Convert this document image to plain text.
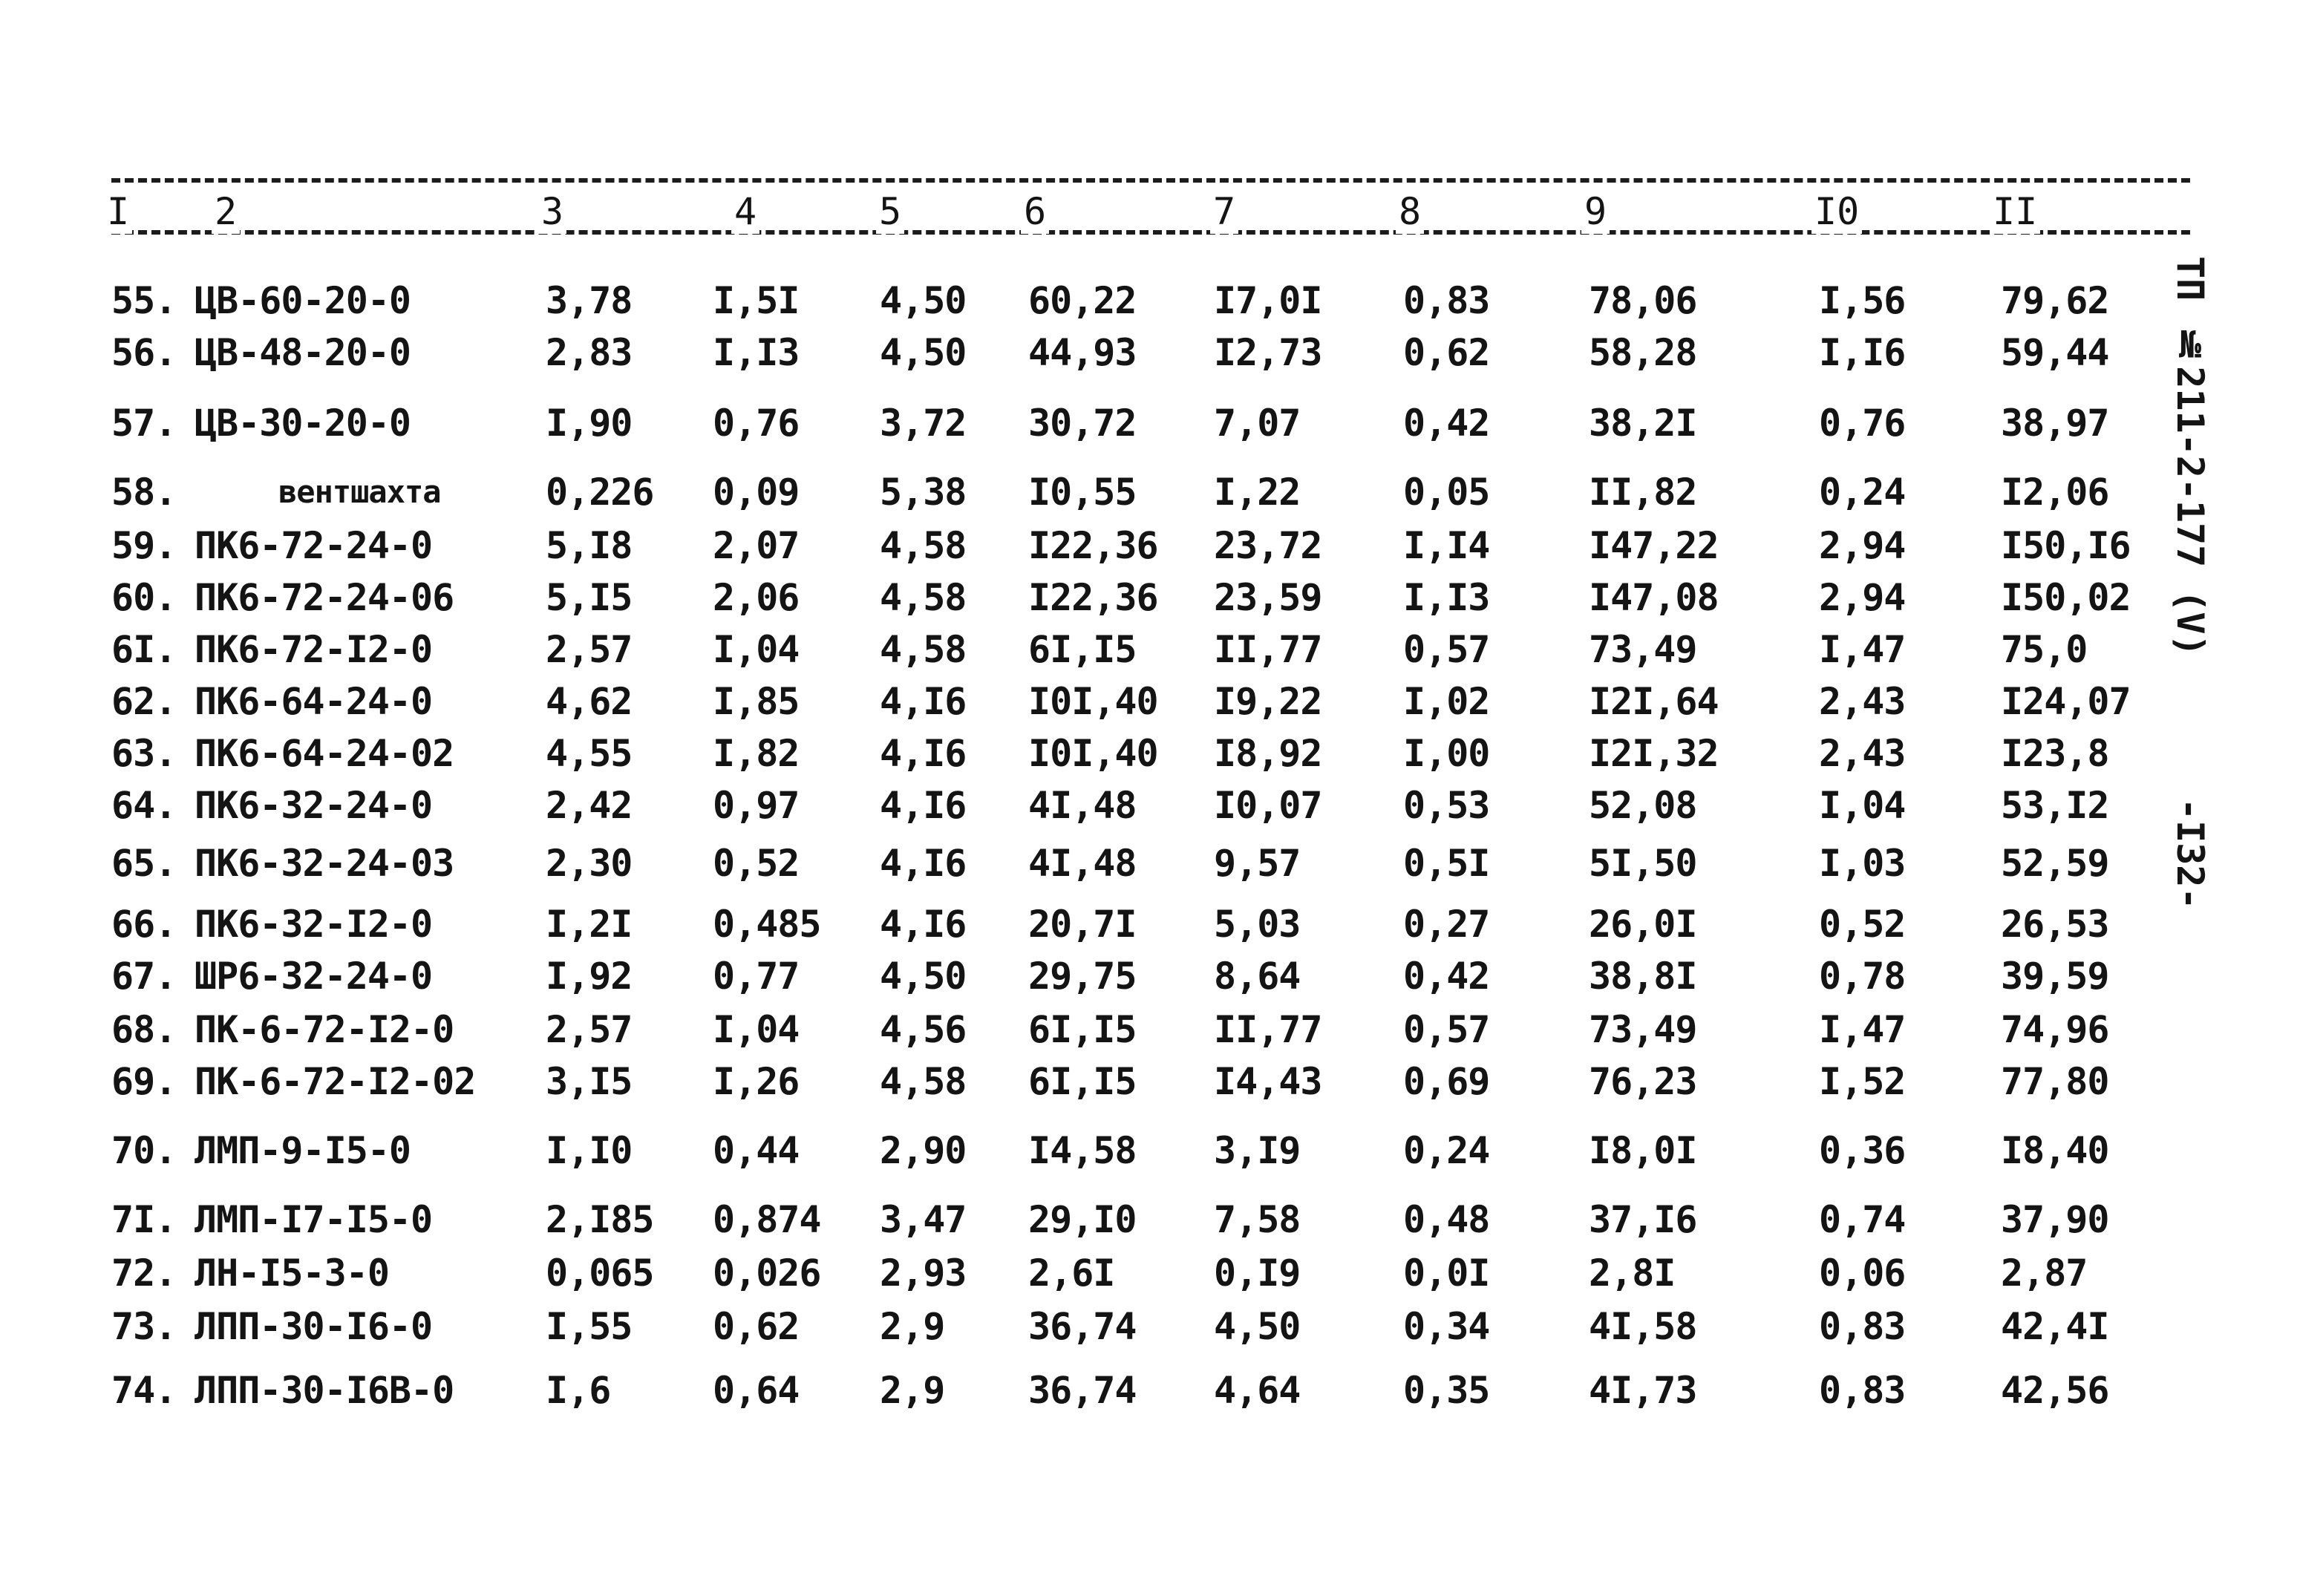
I 2	3	4	5	6	7	8	9	I0	II
55. ЦВ-60-20-0	3,78 I,5I 4,50 60,22 I7,0I 0,83	78,06	I,56	79,62
56. ЦВ-48-20-0	2,83 I,I3 4,50 44,93 I2,73 0,62	58,28	I,I6	59,44
57. ЦВ-30-20-0	I,90 0,76 3,72 30,72 7,07	0,42	38,2I	0,76	38,97
58.	вентшахта	0,226 0,09 5,38 I0,55 I,22	0,05	II,82	0,24	I2,06
59. ПК6-72-24-0	5,I8 2,07 4,58 I22,36 23,72 I,I4	I47,22	2,94	I50,I6
60. ПК6-72-24-06 5,I5 2,06 4,58 I22,36 23,59 I,I3	I47,08	2,94	I50,02
6I. ПК6-72-I2-0	2,57 I,04 4,58 6I,I5 II,77 0,57	73,49	I,47	75,0
62. ПК6-64-24-0	4,62 I,85 4,I6 I0I,40 I9,22 I,02	I2I,64	2,43	I24,07
63. ПК6-64-24-02 4,55 I,82 4,I6 I0I,40 I8,92 I,00	I2I,32	2,43	I23,8
64. ПК6-32-24-0	2,42 0,97 4,I6 4I,48 I0,07 0,53	52,08	I,04	53,I2
65. ПК6-32-24-03 2,30 0,52 4,I6 4I,48 9,57	0,5I	5I,50	I,03	52,59
66. ПК6-32-I2-0	I,2I 0,485 4,I6 20,7I 5,03	0,27	26,0I	0,52	26,53
67. ШР6-32-24-0	I,92 0,77 4,50 29,75 8,64	0,42	38,8I	0,78	39,59
68. ПК-6-72-I2-0 2,57 I,04 4,56 6I,I5 II,77 0,57	73,49	I,47	74,96
69. ПК-6-72-I2-02 3,I5 I,26 4,58 6I,I5 I4,43 0,69	76,23	I,52	77,80
70. ЛМП-9-I5-0	I,I0 0,44 2,90 I4,58 3,I9	0,24	I8,0I	0,36	I8,40
7I. ЛМП-I7-I5-0	2,I85 0,874 3,47 29,I0 7,58	0,48	37,I6	0,74	37,90
72. ЛН-I5-3-0	0,065 0,026 2,93 2,6I	0,I9	0,0I	2,8I	0,06	2,87
73. ЛПП-30-I6-0	I,55 0,62 2,9 36,74 4,50	0,34	4I,58	0,83	42,4I
74. ЛПП-30-I6В-0 I,6	0,64 2,9 36,74 4,64	0,35	4I,73	0,83	42,56
ТП №211-2-177 (V)
-I32-
